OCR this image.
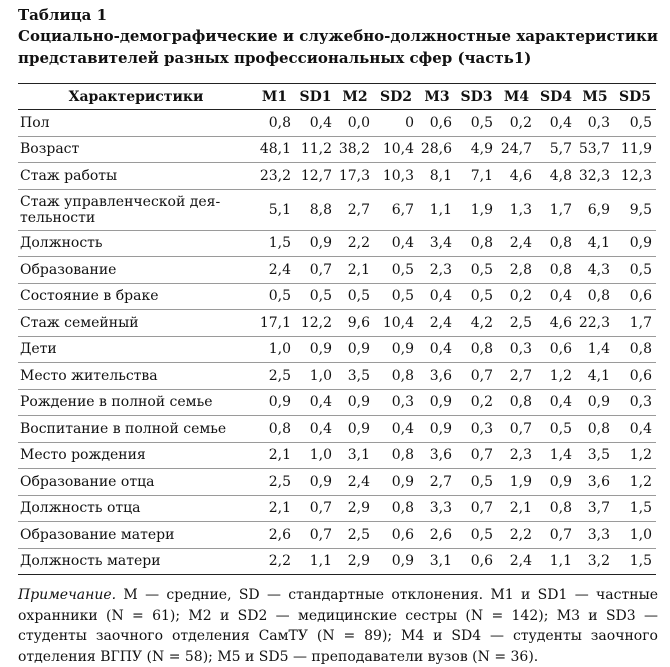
Таблица 1
Социально-демографические и служебно-должностные характеристики представителей разных профессиональных сфер (часть1)
Характеристики	M1	SD1	M2	SD2	M3	SD3	M4	SD4	M5	SD5
Пол	0,8	0,4	0,0	0	0,6	0,5	0,2	0,4	0,3	0,5
Возраст	48,1	11,2	38,2	10,4	28,6	4,9	24,7	5,7	53,7	11,9
Стаж работы	23,2	12,7	17,3	10,3	8,1	7,1	4,6	4,8	32,3	12,3
Стаж управленческой дея-тельности	5,1	8,8	2,7	6,7	1,1	1,9	1,3	1,7	6,9	9,5
Должность	1,5	0,9	2,2	0,4	3,4	0,8	2,4	0,8	4,1	0,9
Образование	2,4	0,7	2,1	0,5	2,3	0,5	2,8	0,8	4,3	0,5
Состояние в браке	0,5	0,5	0,5	0,5	0,4	0,5	0,2	0,4	0,8	0,6
Стаж семейный	17,1	12,2	9,6	10,4	2,4	4,2	2,5	4,6	22,3	1,7
Дети	1,0	0,9	0,9	0,9	0,4	0,8	0,3	0,6	1,4	0,8
Место жительства	2,5	1,0	3,5	0,8	3,6	0,7	2,7	1,2	4,1	0,6
Рождение в полной семье	0,9	0,4	0,9	0,3	0,9	0,2	0,8	0,4	0,9	0,3
Воспитание в полной семье	0,8	0,4	0,9	0,4	0,9	0,3	0,7	0,5	0,8	0,4
Место рождения	2,1	1,0	3,1	0,8	3,6	0,7	2,3	1,4	3,5	1,2
Образование отца	2,5	0,9	2,4	0,9	2,7	0,5	1,9	0,9	3,6	1,2
Должность отца	2,1	0,7	2,9	0,8	3,3	0,7	2,1	0,8	3,7	1,5
Образование матери	2,6	0,7	2,5	0,6	2,6	0,5	2,2	0,7	3,3	1,0
Должность матери	2,2	1,1	2,9	0,9	3,1	0,6	2,4	1,1	3,2	1,5
Примечание. M — средние, SD — стандартные отклонения. M1 и SD1 — частные охранники (N = 61); M2 и SD2 — медицинские сестры (N = 142); M3 и SD3 — студенты заочного отделения СамТУ (N = 89); M4 и SD4 — студенты заочного отделения ВГПУ (N = 58); M5 и SD5 — преподаватели вузов (N = 36).
